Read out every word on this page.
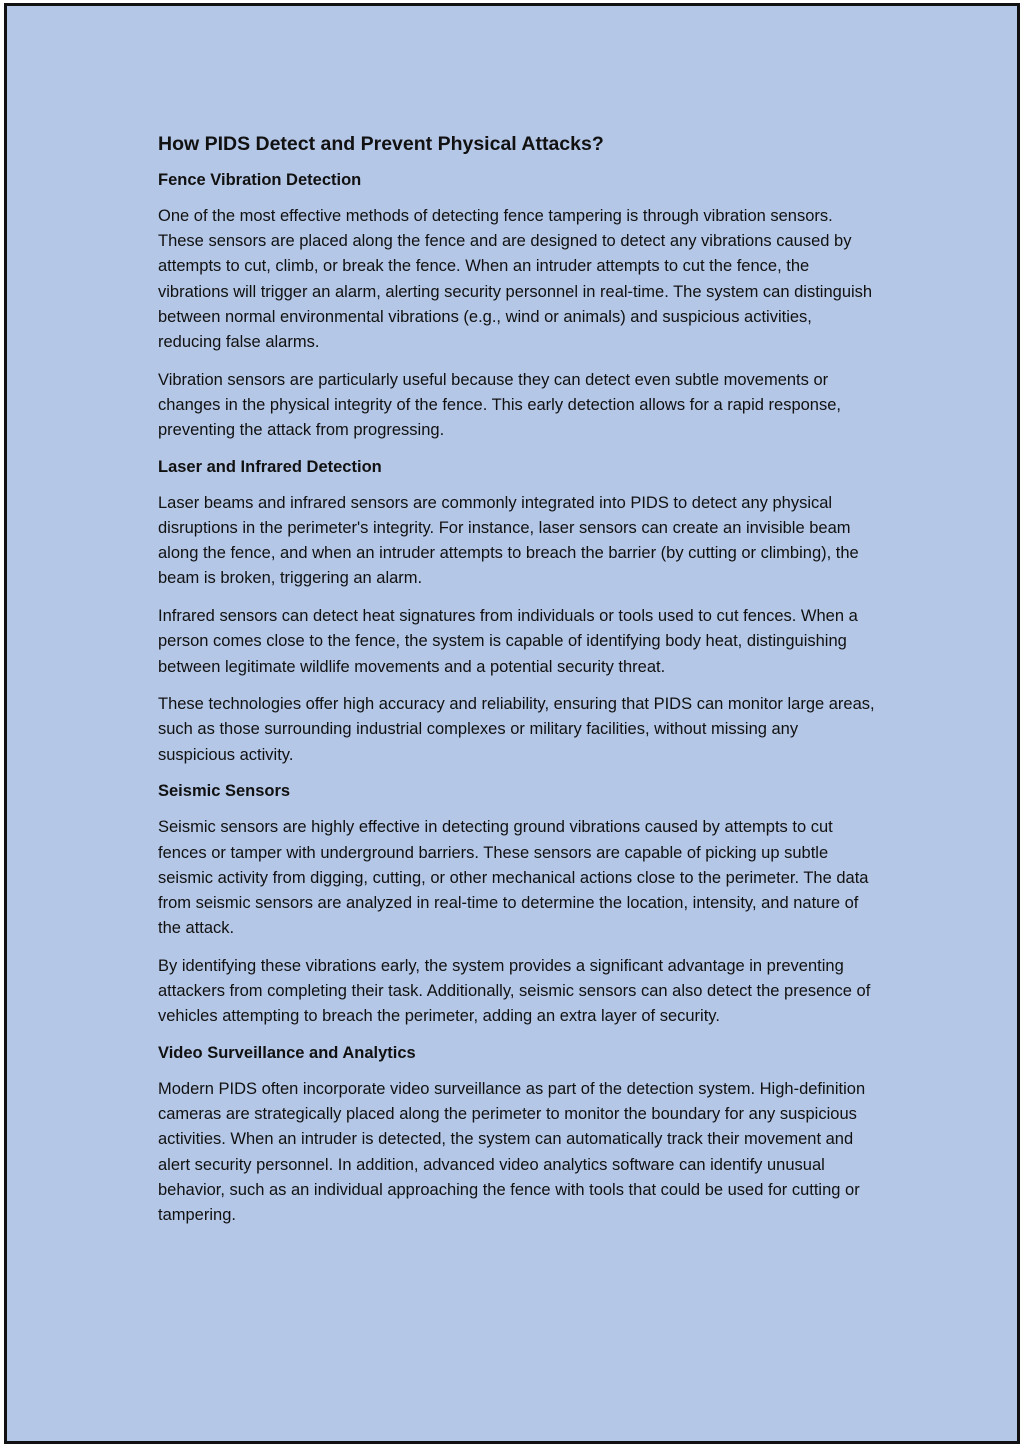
How PIDS Detect and Prevent Physical Attacks?
Fence Vibration Detection

One of the most effective methods of detecting fence tampering is through vibration sensors. These sensors are placed along the fence and are designed to detect any vibrations caused by attempts to cut, climb, or break the fence. When an intruder attempts to cut the fence, the vibrations will trigger an alarm, alerting security personnel in real-time. The system can distinguish between normal environmental vibrations (e.g., wind or animals) and suspicious activities, reducing false alarms.

Vibration sensors are particularly useful because they can detect even subtle movements or changes in the physical integrity of the fence. This early detection allows for a rapid response, preventing the attack from progressing.

Laser and Infrared Detection

Laser beams and infrared sensors are commonly integrated into PIDS to detect any physical disruptions in the perimeter's integrity. For instance, laser sensors can create an invisible beam along the fence, and when an intruder attempts to breach the barrier (by cutting or climbing), the beam is broken, triggering an alarm.

Infrared sensors can detect heat signatures from individuals or tools used to cut fences. When a person comes close to the fence, the system is capable of identifying body heat, distinguishing between legitimate wildlife movements and a potential security threat.

These technologies offer high accuracy and reliability, ensuring that PIDS can monitor large areas, such as those surrounding industrial complexes or military facilities, without missing any suspicious activity.

Seismic Sensors

Seismic sensors are highly effective in detecting ground vibrations caused by attempts to cut fences or tamper with underground barriers. These sensors are capable of picking up subtle seismic activity from digging, cutting, or other mechanical actions close to the perimeter. The data from seismic sensors are analyzed in real-time to determine the location, intensity, and nature of the attack.

By identifying these vibrations early, the system provides a significant advantage in preventing attackers from completing their task. Additionally, seismic sensors can also detect the presence of vehicles attempting to breach the perimeter, adding an extra layer of security.

Video Surveillance and Analytics

Modern PIDS often incorporate video surveillance as part of the detection system. High-definition cameras are strategically placed along the perimeter to monitor the boundary for any suspicious activities. When an intruder is detected, the system can automatically track their movement and alert security personnel. In addition, advanced video analytics software can identify unusual behavior, such as an individual approaching the fence with tools that could be used for cutting or tampering.
